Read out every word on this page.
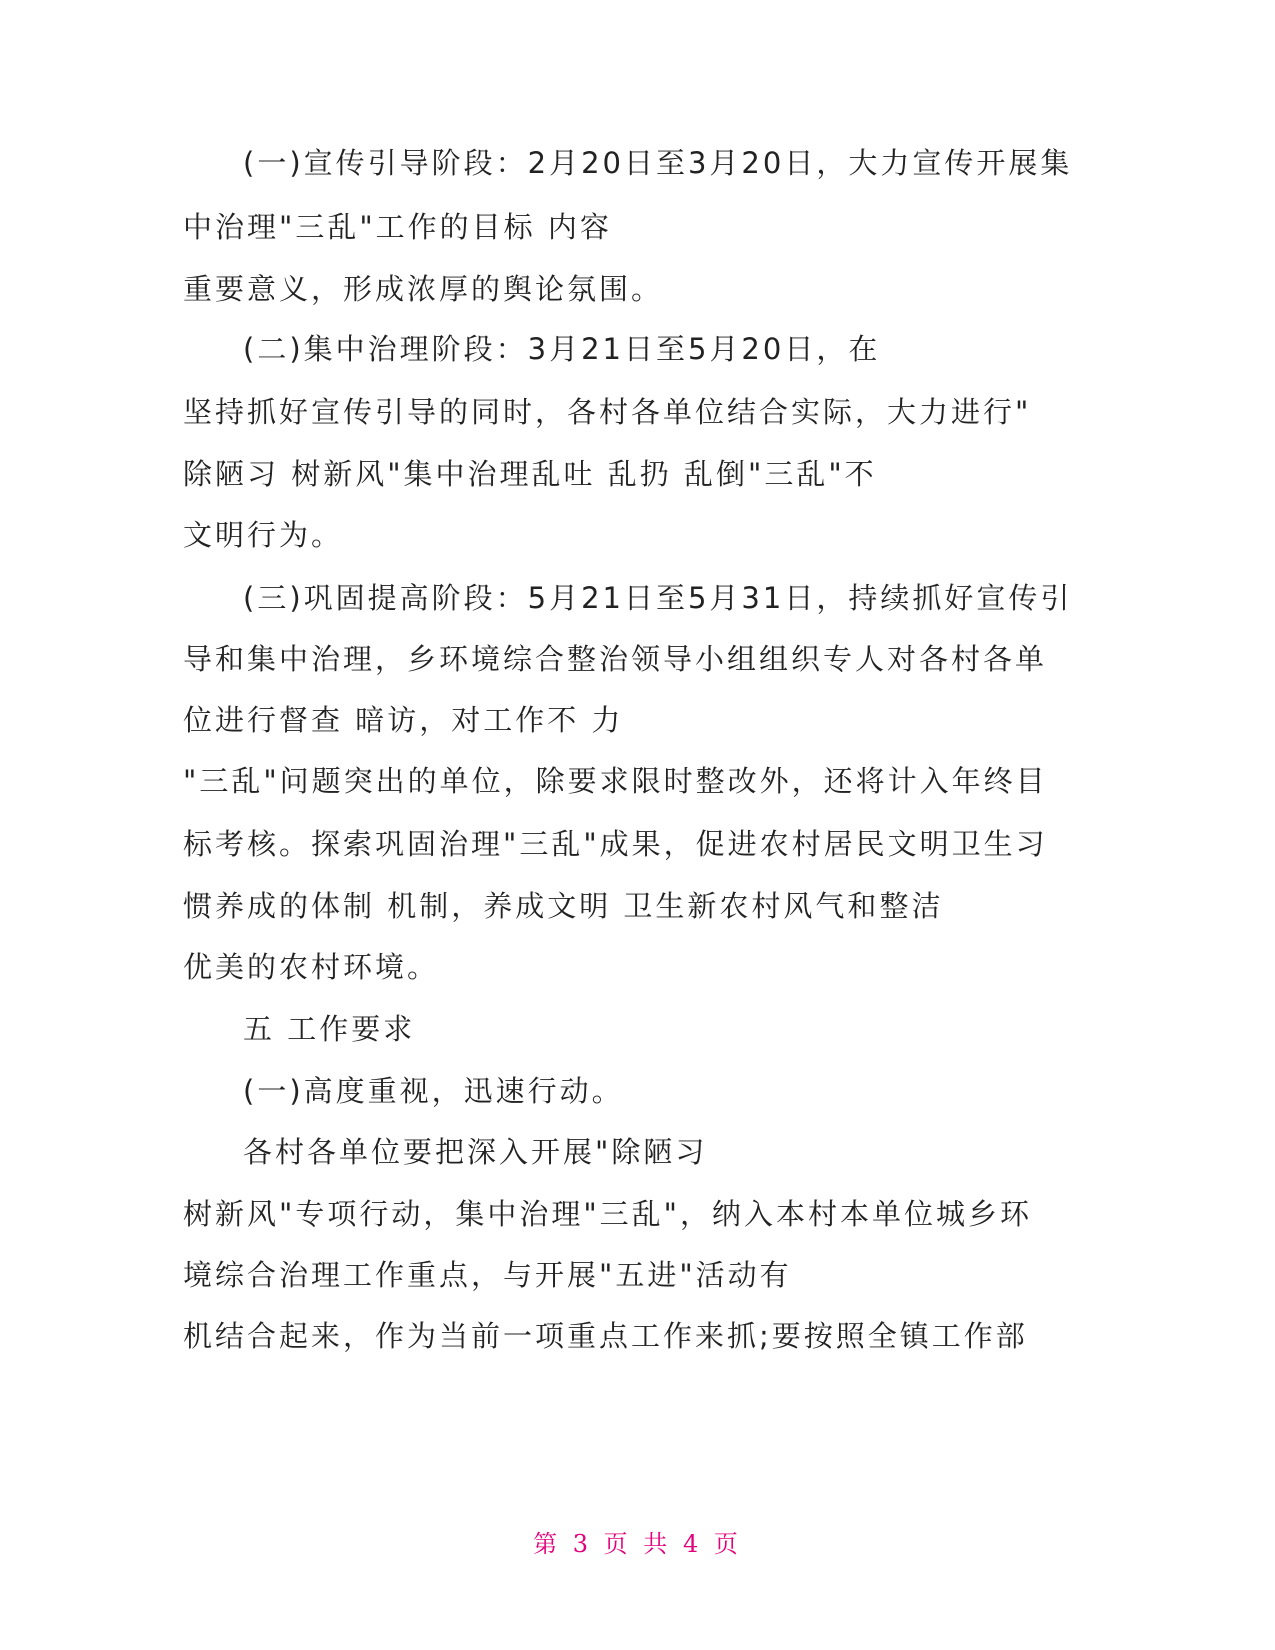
(一)宣传引导阶段：2月20日至3月20日，大力宣传开展集
中治理"三乱"工作的目标 内容
重要意义，形成浓厚的舆论氛围。
(二)集中治理阶段：3月21日至5月20日，在
坚持抓好宣传引导的同时，各村各单位结合实际，大力进行"
除陋习 树新风"集中治理乱吐 乱扔 乱倒"三乱"不
文明行为。
(三)巩固提高阶段：5月21日至5月31日，持续抓好宣传引
导和集中治理，乡环境综合整治领导小组组织专人对各村各单
位进行督查 暗访，对工作不 力
"三乱"问题突出的单位，除要求限时整改外，还将计入年终目
标考核。探索巩固治理"三乱"成果，促进农村居民文明卫生习
惯养成的体制 机制，养成文明 卫生新农村风气和整洁
优美的农村环境。
五 工作要求
(一)高度重视，迅速行动。
各村各单位要把深入开展"除陋习
树新风"专项行动，集中治理"三乱"，纳入本村本单位城乡环
境综合治理工作重点，与开展"五进"活动有
机结合起来，作为当前一项重点工作来抓;要按照全镇工作部
第 3 页 共 4 页
